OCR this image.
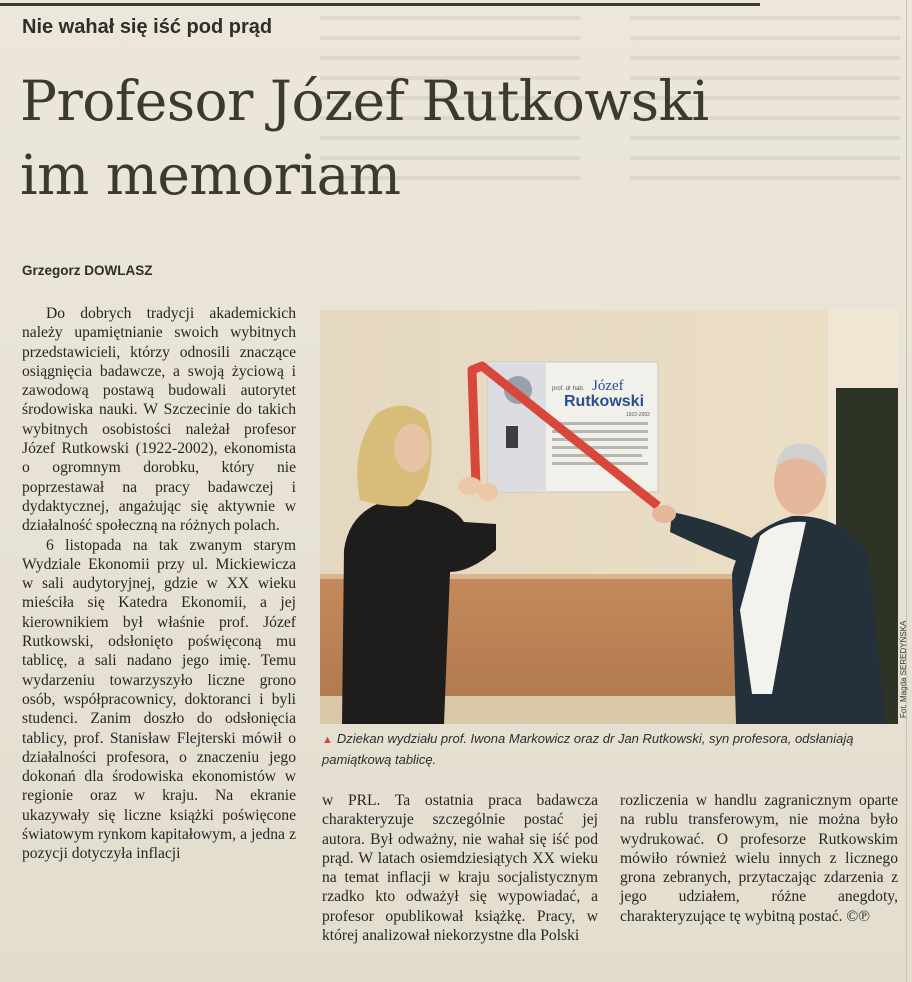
Nie wahał się iść pod prąd
Profesor Józef Rutkowski
im memoriam
Grzegorz DOWLASZ

Do dobrych tradycji akademickich należy upamiętnianie swoich wybitnych przedstawicieli, którzy odnosili znaczące osiągnięcia badawcze, a swoją życiową i zawodową postawą budowali autorytet środowiska nauki. W Szczecinie do takich wybitnych osobistości należał profesor Józef Rutkowski (1922-2002), ekonomista o ogromnym dorobku, który nie poprzestawał na pracy badawczej i dydaktycznej, angażując się aktywnie w działalność społeczną na różnych polach.

6 listopada na tak zwanym starym Wydziale Ekonomii przy ul. Mickiewicza w sali audytoryjnej, gdzie w XX wieku mieściła się Katedra Ekonomii, a jej kierownikiem był właśnie prof. Józef Rutkowski, odsłonięto poświęconą mu tablicę, a sali nadano jego imię. Temu wydarzeniu towarzyszyło liczne grono osób, współpracownicy, doktoranci i byli studenci. Zanim doszło do odsłonięcia tablicy, prof. Stanisław Flejterski mówił o działalności profesora, o znaczeniu jego dokonań dla środowiska ekonomistów w regionie oraz w kraju. Na ekranie ukazywały się liczne książki poświęcone światowym rynkom kapitałowym, a jedna z pozycji dotyczyła inflacji

w PRL. Ta ostatnia praca badawcza charakteryzuje szczególnie postać jej autora. Był odważny, nie wahał się iść pod prąd. W latach osiemdziesiątych XX wieku na temat inflacji w kraju socjalistycznym rzadko kto odważył się wypowiadać, a profesor opublikował książkę. Pracy, w której analizował niekorzystne dla Polski

rozliczenia w handlu zagranicznym oparte na rublu transferowym, nie można było wydrukować. O profesorze Rutkowskim mówiło również wielu innych z licznego grona zebranych, przytaczając zdarzenia z jego udziałem, różne anegdoty, charakteryzujące tę wybitną postać. ©℗

prof. dr hab. Józef
Rutkowski
1922-2002
Fot. Magda SEREDYŃSKA
▲ Dziekan wydziału prof. Iwona Markowicz oraz dr Jan Rutkowski, syn profesora, odsłaniają pamiątkową tablicę.
